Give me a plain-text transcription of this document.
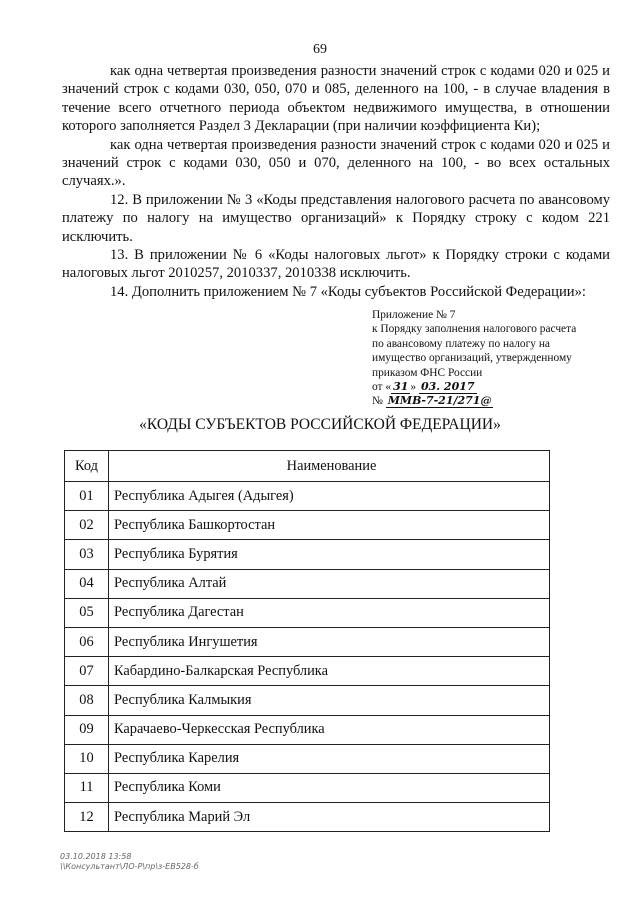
69

как одна четвертая произведения разности значений строк с кодами 020 и 025 и значений строк с кодами 030, 050, 070 и 085, деленного на 100, - в случае владения в течение всего отчетного периода объектом недвижимого имущества, в отношении которого заполняется Раздел 3 Декларации (при наличии коэффициента Ки);

как одна четвертая произведения разности значений строк с кодами 020 и 025 и значений строк с кодами 030, 050 и 070, деленного на 100, - во всех остальных случаях.».

12. В приложении № 3 «Коды представления налогового расчета по авансовому платежу по налогу на имущество организаций» к Порядку строку с кодом 221 исключить.

13. В приложении № 6 «Коды налоговых льгот» к Порядку строки с кодами налоговых льгот 2010257, 2010337, 2010338 исключить.

14. Дополнить приложением № 7 «Коды субъектов Российской Федерации»:

Приложение № 7
к Порядку заполнения налогового расчета
по авансовому платежу по налогу на
имущество организаций, утвержденному
приказом ФНС России
от « 31 » 03. 2017
№ ММВ-7-21/271@
«КОДЫ СУБЪЕКТОВ РОССИЙСКОЙ ФЕДЕРАЦИИ»
Код	Наименование
01	Республика Адыгея (Адыгея)
02	Республика Башкортостан
03	Республика Бурятия
04	Республика Алтай
05	Республика Дагестан
06	Республика Ингушетия
07	Кабардино-Балкарская Республика
08	Республика Калмыкия
09	Карачаево-Черкесская Республика
10	Республика Карелия
11	Республика Коми
12	Республика Марий Эл
03.10.2018 13:58
\\Консультант\ЛО-Р\пр\з-ЕВ528-б
